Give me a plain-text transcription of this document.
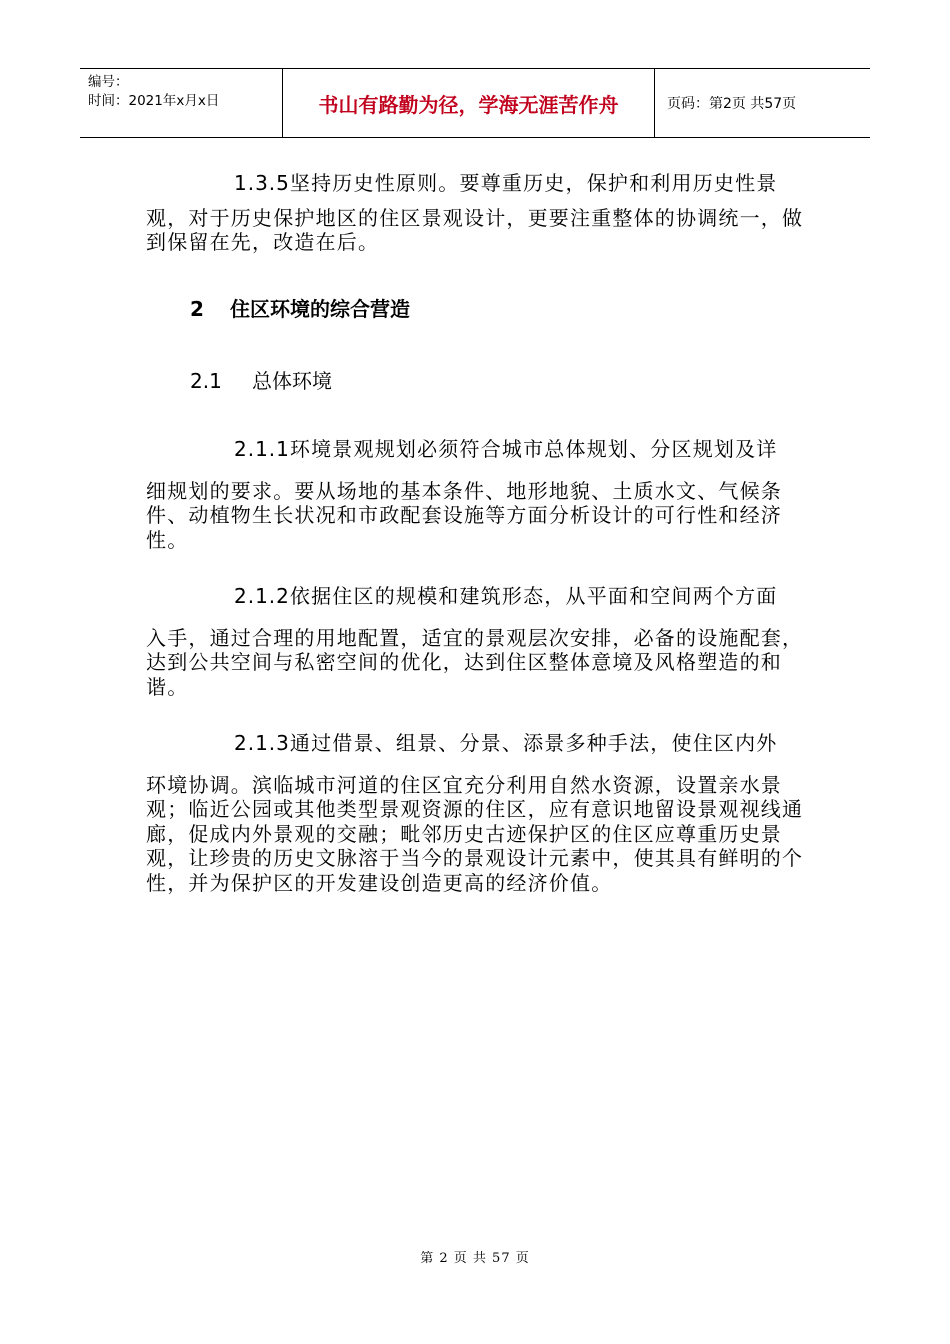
编号：
时间：2021年x月x日	书山有路勤为径，学海无涯苦作舟	页码：第2页 共57页

1.3.5坚持历史性原则。要尊重历史，保护和利用历史性景
观，对于历史保护地区的住区景观设计，更要注重整体的协调统一，做到保留在先，改造在后。

2 住区环境的综合营造
2.1 总体环境

2.1.1环境景观规划必须符合城市总体规划、分区规划及详
细规划的要求。要从场地的基本条件、地形地貌、土质水文、气候条件、动植物生长状况和市政配套设施等方面分析设计的可行性和经济性。

2.1.2依据住区的规模和建筑形态，从平面和空间两个方面
入手，通过合理的用地配置，适宜的景观层次安排，必备的设施配套，达到公共空间与私密空间的优化，达到住区整体意境及风格塑造的和谐。

2.1.3通过借景、组景、分景、添景多种手法，使住区内外
环境协调。滨临城市河道的住区宜充分利用自然水资源，设置亲水景观；临近公园或其他类型景观资源的住区，应有意识地留设景观视线通廊，促成内外景观的交融；毗邻历史古迹保护区的住区应尊重历史景观，让珍贵的历史文脉溶于当今的景观设计元素中，使其具有鲜明的个性，并为保护区的开发建设创造更高的经济价值。

第 2 页 共 57 页
